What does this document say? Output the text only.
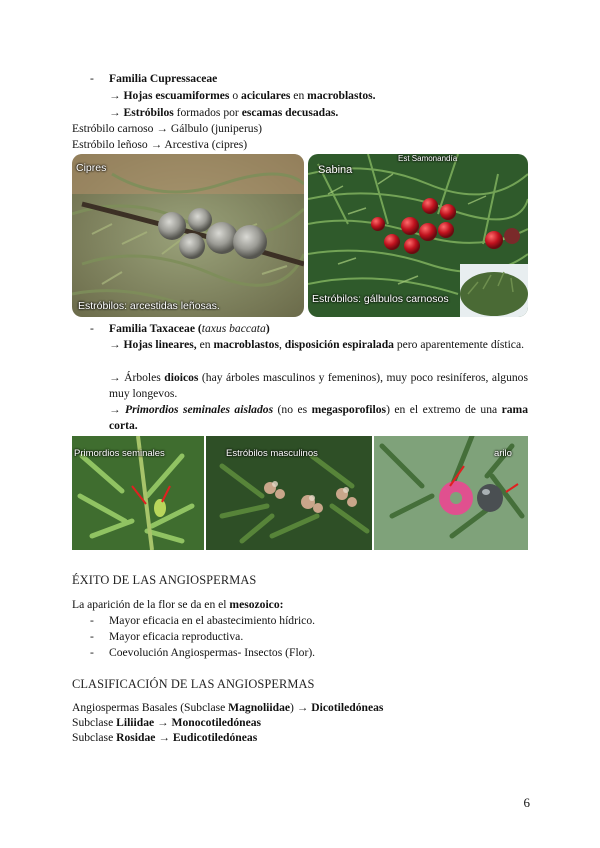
- Familia Cupressaceae
→ Hojas escuamiformes o aciculares en macroblastos.
→ Estróbilos formados por escamas decusadas.
Estróbilo carnoso → Gálbulo (juniperus)
Estróbilo leñoso → Arcestiva (cipres)
Cipres
Estróbilos: arcestidas leñosas.
Sabina
Est Samonandía
Estróbilos: gálbulos carnosos
- Familia Taxaceae (taxus baccata)
→ Hojas lineares, en macroblastos, disposición espiralada pero aparentemente dística.
→ Árboles dioicos (hay árboles masculinos y femeninos), muy poco resiníferos, algunos muy longevos.
→ Primordios seminales aislados (no es megasporofilos) en el extremo de una rama corta.
Primordios seminales	Estróbilos masculinos	arilo
ÉXITO DE LAS ANGIOSPERMAS
La aparición de la flor se da en el mesozoico:
- Mayor eficacia en el abastecimiento hídrico.
- Mayor eficacia reproductiva.
- Coevolución Angiospermas- Insectos (Flor).
CLASIFICACIÓN DE LAS ANGIOSPERMAS
Angiospermas Basales (Subclase Magnoliidae) → Dicotiledóneas
Subclase Liliidae → Monocotiledóneas
Subclase Rosidae → Eudicotiledóneas
6
